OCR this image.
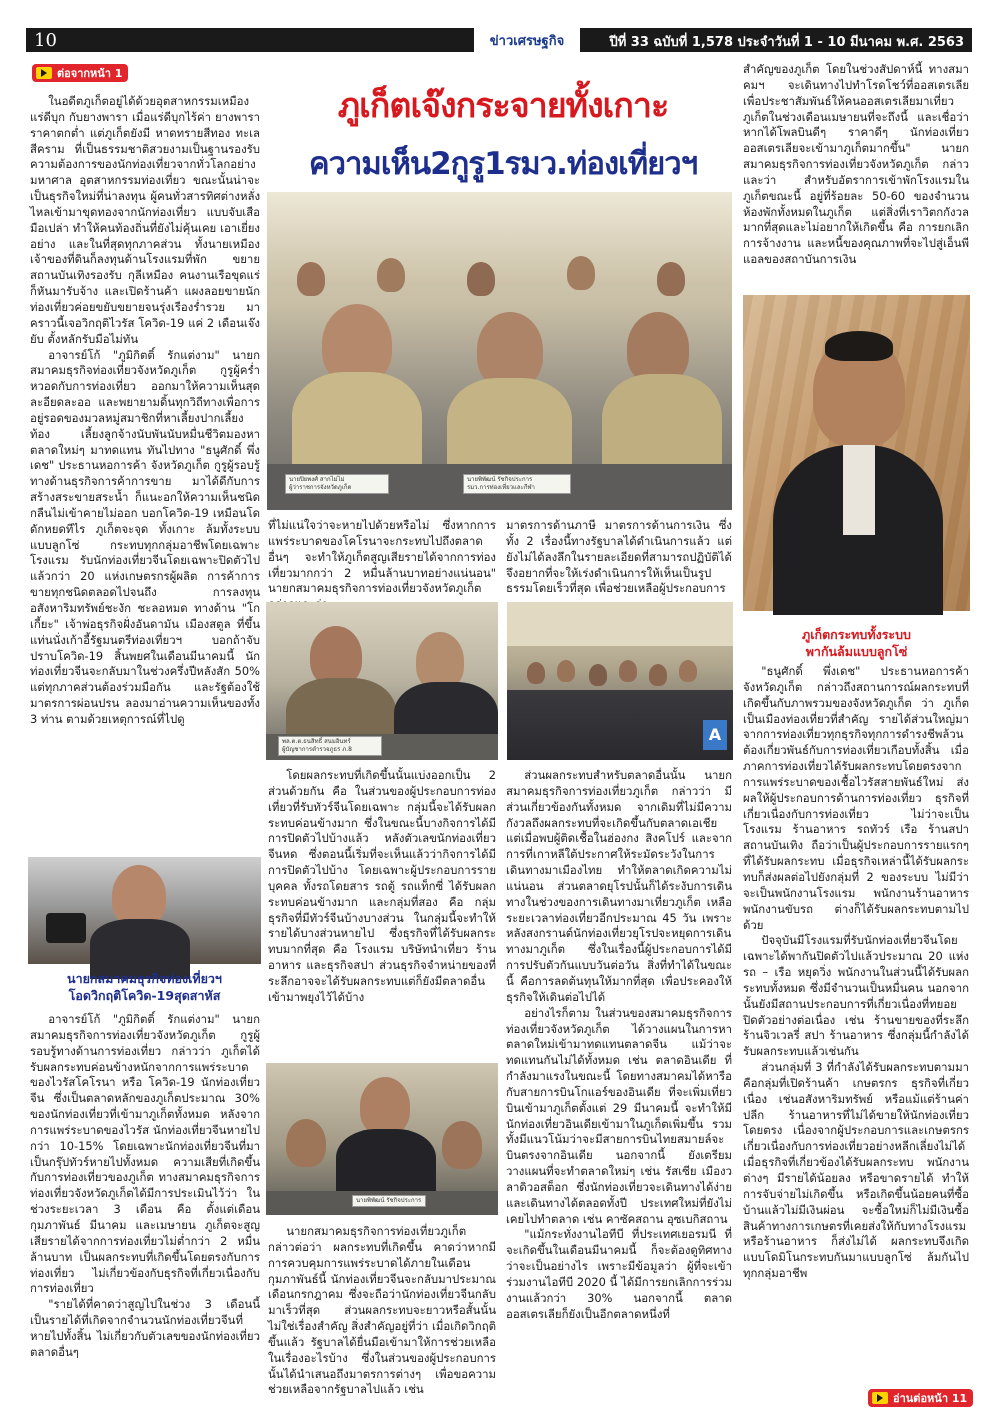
10	ข่าวเศรษฐกิจ	ปีที่ 33 ฉบับที่ 1,578 ประจำวันที่ 1 - 10 มีนาคม พ.ศ. 2563
ต่อจากหน้า 1

ในอดีตภูเก็ตอยู่ได้ด้วยอุตสาหกรรมเหมืองแร่ดีบุก กับยางพารา เมื่อแร่ดีบุกไร้ค่า ยางพาราราคาตกต่ำ แต่ภูเก็ตยังมี หาดทรายสีทอง ทะเลสีคราม ที่เป็นธรรมชาติสวยงามเป็นฐานรองรับความต้องการของนักท่องเที่ยวจากทั่วโลกอย่างมหาศาล อุตสาหกรรมท่องเที่ยว ขณะนั้นน่าจะเป็นธุรกิจใหม่ที่น่าลงทุน ผู้คนทั่วสารทิศต่างหลั่งไหลเข้ามาขุดทองจากนักท่องเที่ยว แบบจับเสือมือเปล่า ทำให้คนท้องถิ่นที่ยังไม่คุ้นเคย เอาเยี่ยงอย่าง และในที่สุดทุกภาคส่วน ทั้งนายเหมือง เจ้าของที่ดินก็ลงทุนด้านโรงแรมที่พัก ขยายสถานบันเทิงรองรับ กุลีเหมือง คนงานเรือขุดแร่ ก็หันมารับจ้าง และเปิดร้านค้า แผงลอยขายนักท่องเที่ยวค่อยขยับขยายจนรุ่งเรืองร่ำรวย มาคราวนี้เจอวิกฤติไวรัส โควิด-19 แค่ 2 เดือนเจ๊งยับ ตั้งหลักรับมือไม่ทัน

อาจารย์โก้ "ภูมิกิตติ์ รักแต่งาม" นายกสมาคมธุรกิจท่องเที่ยวจังหวัดภูเก็ต กูรูผู้คร่ำหวอดกับการท่องเที่ยว ออกมาให้ความเห็นสุดละอียดละออ และพยายามดิ้นทุกวิถีทางเพื่อการอยู่รอดของมวลหมู่สมาชิกที่หาเลี้ยงปากเลี้ยงท้อง เลี้ยงลูกจ้างนับพันนับหมื่นชีวิตมองหาตลาดใหม่ๆ มาทดแทน ทันไปทาง "ธนูศักดิ์ พึ่งเดช" ประธานหอการค้า จังหวัดภูเก็ต กูรูผู้รอบรู้ทางด้านธุรกิจการค้าการขาย มาได้ดีกับการสร้างสระขายสระน้ำ ก็แนะอกให้ความเห็นชนิดกลืนไม่เข้าคายไม่ออก บอกโควิด-19 เหมือนโดดักหยดทีไร ภูเก็ตจะจุด ทั้งเกาะ ล้มทั้งระบบ แบบลูกโซ่ กระทบทุกกลุ่มอาชีพโดยเฉพาะโรงแรม รับนักท่องเที่ยวจีนโดยเฉพาะปิดตัวไปแล้วกว่า 20 แห่งเกษตรกรผู้ผลิต การค้าการขายทุกชนิดตลอดไปจนถึง การลงทุนอสังหาริมทรัพย์ชะงัก ชะลอหมด ทางด้าน "โกเกี้ยะ" เจ้าพ่อธุรกิจฝั่งอันดามัน เมืองสตูล ที่ขึ้นแท่นนั่งเก้าอี้รัฐมนตรีท่องเที่ยวฯ บอกถ้าจับปราบโควิด-19 สิ้นพยศในเดือนมีนาคมนี้ นักท่องเที่ยวจีนจะกลับมาในช่วงครึ่งปีหลังสัก 50% แต่ทุกภาคส่วนต้องร่วมมือกัน และรัฐต้องใช้มาตรการผ่อนปรน ลองมาอ่านความเห็นของทั้ง 3 ท่าน ตามด้วยเหตุการณ์ที่ไปดู

นายกสมาคมธุรกิจท่องเที่ยวฯ
โอดวิกฤติโควิด-19สุดสาหัส

อาจารย์โก้ "ภูมิกิตติ์ รักแต่งาม" นายกสมาคมธุรกิจการท่องเที่ยวจังหวัดภูเก็ต กูรูผู้รอบรู้ทางด้านการท่องเที่ยว กล่าวว่า ภูเก็ตได้รับผลกระทบค่อนข้างหนักจากการแพร่ระบาดของไวรัสโคโรนา หรือ โควิด-19 นักท่องเที่ยวจีน ซึ่งเป็นตลาดหลักของภูเก็ตประมาณ 30% ของนักท่องเที่ยวที่เข้ามาภูเก็ตทั้งหมด หลังจากการแพร่ระบาดของไวรัส นักท่องเที่ยวจีนหายไปกว่า 10-15% โดยเฉพาะนักท่องเที่ยวจีนที่มาเป็นกรุ๊ปทัวร์หายไปทั้งหมด ความเสียที่เกิดขึ้นกับการท่องเที่ยวของภูเก็ต ทางสมาคมธุรกิจการท่องเที่ยวจังหวัดภูเก็ตได้มีการประเมินไว้ว่า ในช่วงระยะเวลา 3 เดือน คือ ตั้งแต่เดือนกุมภาพันธ์ มีนาคม และเมษายน ภูเก็ตจะสูญเสียรายได้จากการท่องเที่ยวไม่ต่ำกว่า 2 หมื่นล้านบาท เป็นผลกระทบที่เกิดขึ้นโดยตรงกับการท่องเที่ยว ไม่เกี่ยวข้องกับธุรกิจที่เกี่ยวเนื่องกับการท่องเที่ยว

"รายได้ที่คาดว่าสูญไปในช่วง 3 เดือนนี้ เป็นรายได้ที่เกิดจากจำนวนนักท่องเที่ยวจีนที่หายไปทั้งสิ้น ไม่เกี่ยวกับตัวเลขของนักท่องเที่ยวตลาดอื่นๆ

ภูเก็ตเจ๊งกระจายทั้งเกาะ
ความเห็น2กูรู1รมว.ท่องเที่ยวฯ
นายปิยพงศ์ สากไม่ไม่
ผู้ว่าราชการจังหวัดภูเก็ต
นายพิพัฒน์ รัชกิจประการ
รมว.การท่องเที่ยวและกีฬา

ที่ไม่แน่ใจว่าจะหายไปด้วยหรือไม่ ซึ่งหากการแพร่ระบาดของโคโรนาจะกระทบไปถึงตลาดอื่นๆ จะทำให้ภูเก็ตสูญเสียรายได้จากการท่องเที่ยวมากกว่า 2 หมื่นล้านบาทอย่างแน่นอน" นายกสมาคมธุรกิจการท่องเที่ยวจังหวัดภูเก็ต

มาตรการด้านภาษี มาตรการด้านการเงิน ซึ่งทั้ง 2 เรื่องนี้ทางรัฐบาลได้ดำเนินการแล้ว แต่ยังไม่ได้ลงลึกในรายละเอียดที่สามารถปฏิบัติได้ จึงอยากที่จะให้เร่งดำเนินการให้เห็นเป็นรูปธรรมโดยเร็วที่สุด เพื่อช่วยเหลือผู้ประกอบการ

พล.ต.ต.ธนสิทธิ์ สนมอินทร์
ผู้บัญชาการตำรวจภูธร ภ.8
A

โดยผลกระทบที่เกิดขึ้นนั้นแบ่งออกเป็น 2 ส่วนด้วยกัน คือ ในส่วนของผู้ประกอบการท่องเที่ยวที่รับทัวร์จีนโดยเฉพาะ กลุ่มนี้จะได้รับผลกระทบค่อนข้างมาก ซึ่งในขณะนี้บางกิจการได้มีการปิดตัวไปบ้างแล้ว หลังตัวเลขนักท่องเที่ยวจีนหด ซึ่งตอนนี้เริ่มที่จะเห็นแล้วว่ากิจการได้มีการปิดตัวไปบ้าง โดยเฉพาะผู้ประกอบการรายบุคคล ทั้งรถโดยสาร รถตู้ รถแท็กซี่ ได้รับผลกระทบค่อนข้างมาก และกลุ่มที่สอง คือ กลุ่มธุรกิจที่มีทัวร์จีนบ้างบางส่วน ในกลุ่มนี้จะทำให้รายได้บางส่วนหายไป ซึ่งธุรกิจที่ได้รับผลกระทบมากที่สุด คือ โรงแรม บริษัทนำเที่ยว ร้านอาหาร และธุรกิจสปา ส่วนธุรกิจจำหน่ายของที่ระลึกอาจจะได้รับผลกระทบแต่ก็ยังมีตลาดอื่นเข้ามาพยุงไว้ได้บ้าง

นายพิพัฒน์ รัชกิจประการ

นายกสมาคมธุรกิจการท่องเที่ยวภูเก็ต กล่าวต่อว่า ผลกระทบที่เกิดขึ้น คาดว่าหากมีการควบคุมการแพร่ระบาดได้ภายในเดือนกุมภาพันธ์นี้ นักท่องเที่ยวจีนจะกลับมาประมาณเดือนกรกฎาคม ซึ่งจะถือว่านักท่องเที่ยวจีนกลับมาเร็วที่สุด ส่วนผลกระทบจะยาวหรือสั้นนั้นไม่ใช่เรื่องสำคัญ สิ่งสำคัญอยู่ที่ว่า เมื่อเกิดวิกฤติขึ้นแล้ว รัฐบาลได้ยื่นมือเข้ามาให้การช่วยเหลือในเรื่องอะไรบ้าง ซึ่งในส่วนของผู้ประกอบการนั้นได้นำเสนอถึงมาตรการต่างๆ เพื่อขอความช่วยเหลือจากรัฐบาลไปแล้ว เช่น

ส่วนผลกระทบสำหรับตลาดอื่นนั้น นายกสมาคมธุรกิจการท่องเที่ยวภูเก็ต กล่าวว่า มีส่วนเกี่ยวข้องกันทั้งหมด จากเดิมที่ไม่มีความกังวลถึงผลกระทบที่จะเกิดขึ้นกับตลาดเอเชีย แต่เมื่อพบผู้ติดเชื้อในฮ่องกง สิงคโปร์ และจากการที่เกาหลีใต้ประกาศให้ระมัดระวังในการเดินทางมาเมืองไทย ทำให้ตลาดเกิดความไม่แน่นอน ส่วนตลาดยุโรปนั้นก็ได้ระงับการเดินทางในช่วงของการเดินทางมาเที่ยวภูเก็ต เหลือระยะเวลาท่องเที่ยวอีกประมาณ 45 วัน เพราะหลังสงกรานต์นักท่องเที่ยวยุโรปจะหยุดการเดินทางมาภูเก็ต ซึ่งในเรื่องนี้ผู้ประกอบการได้มีการปรับตัวกันแบบวันต่อวัน สิ่งที่ทำได้ในขณะนี้ คือการลดต้นทุนให้มากที่สุด เพื่อประคองให้ธุรกิจให้เดินต่อไปได้

อย่างไรก็ตาม ในส่วนของสมาคมธุรกิจการท่องเที่ยวจังหวัดภูเก็ต ได้วางแผนในการหาตลาดใหม่เข้ามาทดแทนตลาดจีน แม้ว่าจะทดแทนกันไม่ได้ทั้งหมด เช่น ตลาดอินเดีย ที่กำลังมาแรงในขณะนี้ โดยทางสมาคมได้หารือกับสายการบินโกแอร์ของอินเดีย ที่จะเพิ่มเที่ยวบินเข้ามาภูเก็ตตั้งแต่ 29 มีนาคมนี้ จะทำให้มีนักท่องเที่ยวอินเดียเข้ามาในภูเก็ตเพิ่มขึ้น รวมทั้งมีแนวโน้มว่าจะมีสายการบินไทยสมายล์จะบินตรงจากอินเดีย นอกจากนี้ ยังเตรียมวางแผนที่จะทำตลาดใหม่ๆ เช่น รัสเซีย เมืองวลาดิวอสต็อก ซึ่งนักท่องเที่ยวจะเดินทางได้ง่าย และเดินทางได้ตลอดทั้งปี ประเทศใหม่ที่ยังไม่เคยไปทำตลาด เช่น คาซัคสถาน อุซเบกิสถาน

"แม้กระทั่งงานไอทีบี ที่ประเทศเยอรมนี ที่จะเกิดขึ้นในเดือนมีนาคมนี้ ก็จะต้องดูทิศทางว่าจะเป็นอย่างไร เพราะมีข้อมูลว่า ผู้ที่จะเข้าร่วมงานไอทีบี 2020 นี้ ได้มีการยกเลิกการร่วมงานแล้วกว่า 30% นอกจากนี้ ตลาดออสเตรเลียก็ยังเป็นอีกตลาดหนึ่งที่

สำคัญของภูเก็ต โดยในช่วงสัปดาห์นี้ ทางสมาคมฯ จะเดินทางไปทำโรดโชว์ที่ออสเตรเลีย เพื่อประชาสัมพันธ์ให้คนออสเตรเลียมาเที่ยวภูเก็ตในช่วงเดือนเมษายนที่จะถึงนี้ และเชื่อว่าหากได้โพลบินดีๆ ราคาดีๆ นักท่องเที่ยวออสเตรเลียจะเข้ามาภูเก็ตมากขึ้น" นายกสมาคมธุรกิจการท่องเที่ยวจังหวัดภูเก็ต กล่าวและว่า สำหรับอัตราการเข้าพักโรงแรมในภูเก็ตขณะนี้ อยู่ที่ร้อยละ 50-60 ของจำนวนห้องพักทั้งหมดในภูเก็ต แต่สิ่งที่เราวิตกกังวลมากที่สุดและไม่อยากให้เกิดขึ้น คือ การยกเลิกการจ้างงาน และหนี้ของคุณภาพที่จะไปสู่เอ็นพีแอลของสถาบันการเงิน

ภูเก็ตกระทบทั้งระบบ
พากันล้มแบบลูกโซ่

"ธนูศักดิ์ พึ่งเดช" ประธานหอการค้าจังหวัดภูเก็ต กล่าวถึงสถานการณ์ผลกระทบที่เกิดขึ้นกับภาพรวมของจังหวัดภูเก็ต ว่า ภูเก็ตเป็นเมืองท่องเที่ยวที่สำคัญ รายได้ส่วนใหญ่มาจากการท่องเที่ยวทุกธุรกิจทุกการดำรงชีพล้วนต้องเกี่ยวพันธ์กับการท่องเที่ยวเกือบทั้งสิ้น เมื่อภาคการท่องเที่ยวได้รับผลกระทบโดยตรงจากการแพร่ระบาดของเชื้อไวรัสสายพันธ์ใหม่ ส่งผลให้ผู้ประกอบการด้านการท่องเที่ยว ธุรกิจที่เกี่ยวเนื่องกับการท่องเที่ยว ไม่ว่าจะเป็น โรงแรม ร้านอาหาร รถทัวร์ เรือ ร้านสปา สถานบันเทิง ถือว่าเป็นผู้ประกอบการรายแรกๆ ที่ได้รับผลกระทบ เมื่อธุรกิจเหล่านี้ได้รับผลกระทบก็ส่งผลต่อไปยังกลุ่มที่ 2 ของระบบ ไม่มีว่าจะเป็นพนักงานโรงแรม พนักงานร้านอาหาร พนักงานขับรถ ต่างก็ได้รับผลกระทบตามไปด้วย

ปัจจุบันมีโรงแรมที่รับนักท่องเที่ยวจีนโดยเฉพาะได้พากันปิดตัวไปแล้วประมาณ 20 แห่ง รถ – เรือ หยุดวิ่ง พนักงานในส่วนนี้ได้รับผลกระทบทั้งหมด ซึ่งมีจำนวนเป็นหมื่นคน นอกจากนั้นยังมีสถานประกอบการที่เกี่ยวเนื่องที่ทยอยปิดตัวอย่างต่อเนื่อง เช่น ร้านขายของที่ระลึก ร้านจิวเวลรี่ สปา ร้านอาหาร ซึ่งกลุ่มนี้กำลังได้รับผลกระทบแล้วเช่นกัน

ส่วนกลุ่มที่ 3 ที่กำลังได้รับผลกระทบตามมา คือกลุ่มที่เปิดร้านค้า เกษตรกร ธุรกิจที่เกี่ยวเนื่อง เช่นอสังหาริมทรัพย์ หรือแม้แต่ร้านค่าปลีก ร้านอาหารที่ไม่ได้ขายให้นักท่องเที่ยวโดยตรง เนื่องจากผู้ประกอบการและเกษตรกรเกี่ยวเนื่องกับการท่องเที่ยวอย่างหลีกเลี่ยงไม่ได้ เมื่อธุรกิจที่เกี่ยวข้องได้รับผลกระทบ พนักงานต่างๆ มีรายได้น้อยลง หรือขาดรายได้ ทำให้การจับจ่ายไม่เกิดขึ้น หรือเกิดขึ้นน้อยคนที่ซื้อบ้านแล้วไม่มีเงินผ่อน จะซื้อใหม่ก็ไม่มีเงินซื้อ สินค้าทางการเกษตรที่เคยส่งให้กับทางโรงแรม หรือร้านอาหาร ก็ส่งไม่ได้ ผลกระทบจึงเกิดแบบโดมิโนกระทบกันมาแบบลูกโซ่ ล้มกันไปทุกกลุ่มอาชีพ

อ่านต่อหน้า 11
